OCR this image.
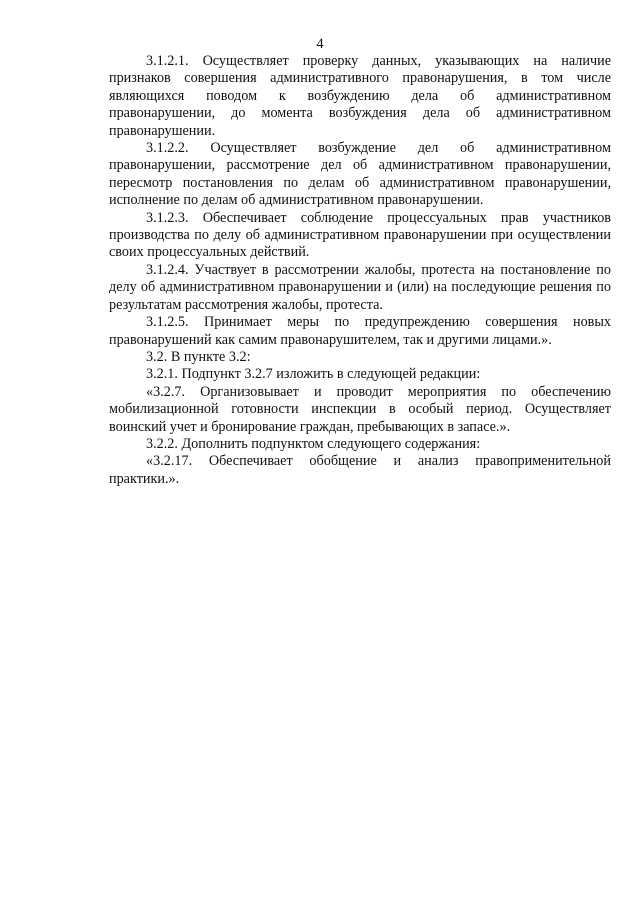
4

3.1.2.1. Осуществляет проверку данных, указывающих на наличие признаков совершения административного правонарушения, в том числе являющихся поводом к возбуждению дела об административном правонарушении, до момента возбуждения дела об административном правонарушении.

3.1.2.2. Осуществляет возбуждение дел об административном правонарушении, рассмотрение дел об административном правонарушении, пересмотр постановления по делам об административном правонарушении, исполнение по делам об административном правонарушении.

3.1.2.3. Обеспечивает соблюдение процессуальных прав участников производства по делу об административном правонарушении при осуществлении своих процессуальных действий.

3.1.2.4. Участвует в рассмотрении жалобы, протеста на постановление по делу об административном правонарушении и (или) на последующие решения по результатам рассмотрения жалобы, протеста.

3.1.2.5. Принимает меры по предупреждению совершения новых правонарушений как самим правонарушителем, так и другими лицами.».

3.2. В пункте 3.2:

3.2.1. Подпункт 3.2.7 изложить в следующей редакции:

«3.2.7. Организовывает и проводит мероприятия по обеспечению мобилизационной готовности инспекции в особый период. Осуществляет воинский учет и бронирование граждан, пребывающих в запасе.».

3.2.2. Дополнить подпунктом следующего содержания:

«3.2.17. Обеспечивает обобщение и анализ правоприменительной практики.».
